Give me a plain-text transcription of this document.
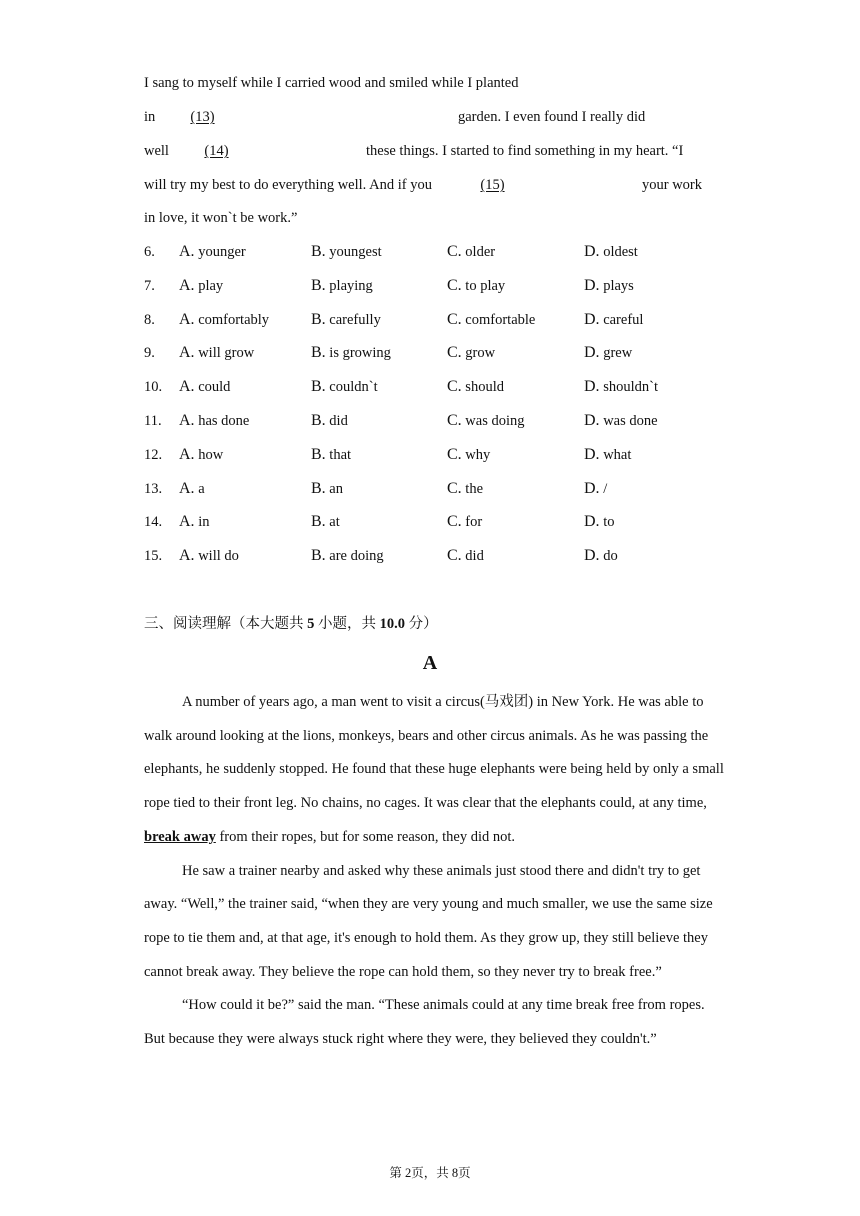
I sang to myself while I carried wood and smiled while I planted
in	(13)	garden. I even found I really did
well	(14)	these things. I started to find something in my heart. “I
will try my best to do everything well. And if you	(15)	your work
in love, it wonˋt be work.”
6. A. younger	B. youngest	C. older	D. oldest
7. A. play	B. playing	C. to play	D. plays
8. A. comfortably	B. carefully	C. comfortable	D. careful
9. A. will grow	B. is growing	C. grow	D. grew
10. A. could	B. couldnˋt	C. should	D. shouldnˋt
11. A. has done	B. did	C. was doing	D. was done
12. A. how	B. that	C. why	D. what
13. A. a	B. an	C. the	D. /
14. A. in	B. at	C. for	D. to
15. A. will do	B. are doing	C. did	D. do
三、阅读理解（本大题共 5 小题，共 10.0 分）
A

A number of years ago, a man went to visit a circus(马戏团) in New York. He was able to walk around looking at the lions, monkeys, bears and other circus animals. As he was passing the elephants, he suddenly stopped. He found that these huge elephants were being held by only a small rope tied to their front leg. No chains, no cages. It was clear that the elephants could, at any time, break away from their ropes, but for some reason, they did not.

He saw a trainer nearby and asked why these animals just stood there and didn't try to get away. “Well,” the trainer said, “when they are very young and much smaller, we use the same size rope to tie them and, at that age, it's enough to hold them. As they grow up, they still believe they cannot break away. They believe the rope can hold them, so they never try to break free.”

“How could it be?” said the man. “These animals could at any time break free from ropes. But because they were always stuck right where they were, they believed they couldn't.”

第 2页，共 8页
